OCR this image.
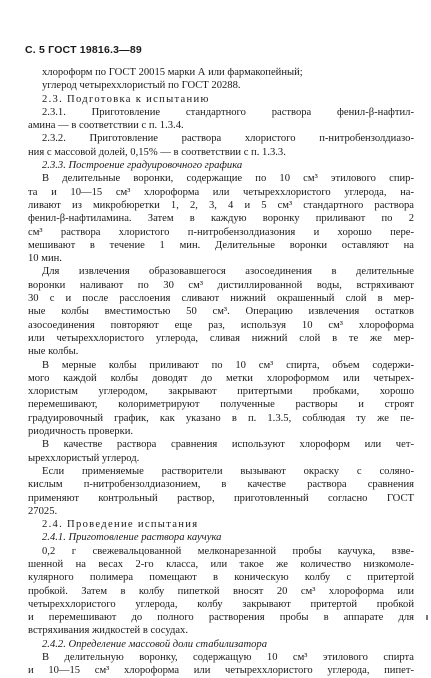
С. 5 ГОСТ 19816.3—89
хлороформ по ГОСТ 20015 марки А или фармакопейный;
углерод четыреххлористый по ГОСТ 20288.
2.3. Подготовка к испытанию
2.3.1. Приготовление стандартного раствора фенил-β-нафтил-
амина — в соответствии с п. 1.3.4.
2.3.2. Приготовление раствора хлористого п-нитробензолдиазо-
ния с массовой долей, 0,15% — в соответствии с п. 1.3.3.
2.3.3. Построение градуировочного графика
В делительные воронки, содержащие по 10 см³ этилового спир-
та и 10—15 см³ хлороформа или четыреххлористого углерода, на-
ливают из микробюретки 1, 2, 3, 4 и 5 см³ стандартного раствора
фенил-β-нафтиламина. Затем в каждую воронку приливают по 2
см³ раствора хлористого п-нитробензолдиазония и хорошо пере-
мешивают в течение 1 мин. Делительные воронки оставляют на
10 мин.
Для извлечения образовавшегося азосоединения в делительные
воронки наливают по 30 см³ дистиллированной воды, встряхивают
30 с и после расслоения сливают нижний окрашенный слой в мер-
ные колбы вместимостью 50 см³. Операцию извлечения остатков
азосоединения повторяют еще раз, используя 10 см³ хлороформа
или четыреххлористого углерода, сливая нижний слой в те же мер-
ные колбы.
В мерные колбы приливают по 10 см³ спирта, объем содержи-
мого каждой колбы доводят до метки хлороформом или четырех-
хлористым углеродом, закрывают притертыми пробками, хорошо
перемешивают, колориметрируют полученные растворы и строят
градуировочный график, как указано в п. 1.3.5, соблюдая ту же пе-
риодичность проверки.
В качестве раствора сравнения используют хлороформ или чет-
ыреххлористый углерод.
Если применяемые растворители вызывают окраску с солянo-
кислым п-нитробензолдиазонием, в качестве раствора сравнения
применяют контрольный раствор, приготовленный согласно ГОСТ
27025.
2.4. Проведение испытания
2.4.1. Приготовление раствора каучука
0,2 г свежевальцованной мелконарезанной пробы каучука, взве-
шенной на весах 2-го класса, или такое же количество низкомоле-
кулярного полимера помещают в коническую колбу с притертой
пробкой. Затем в колбу пипеткой вносят 20 см³ хлороформа или
четыреххлористого углерода, колбу закрывают притертой пробкой
и перемешивают до полного растворения пробы в аппарате для
встряхивания жидкостей в сосудах.
2.4.2. Определение массовой доли стабилизатора
В делительную воронку, содержащую 10 см³ этилового спирта
и 10—15 см³ хлороформа или четыреххлористого углерода, пипет-
